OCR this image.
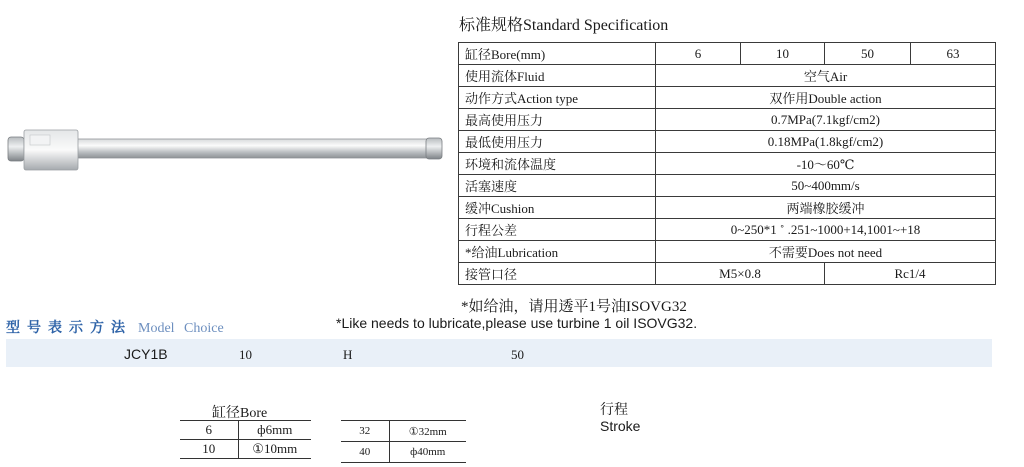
标准规格Standard Specification
缸径Bore(mm)	6	10	50	63
使用流体Fluid	空气Air			
动作方式Action type	双作用Double action			
最高使用压力	0.7MPa(7.1kgf/cm2)			
最低使用压力	0.18MPa(1.8kgf/cm2)			
环境和流体温度	-10～60℃			
活塞速度	50~400mm/s			
缓冲Cushion	两端橡胶缓冲			
行程公差	0~250*1 ˚ .251~1000+14,1001~+18			
*给油Lubrication	不需要Does not need			
接管口径	M5×0.8		Rc1/4	
*如给油，请用透平1号油ISOVG32
*Like needs to lubricate,please use turbine 1 oil ISOVG32.
型号表示方法 Model Choice
JCY1B	10	H	50
缸径Bore
6	ф6mm
10	①10mm
32	①32mm
40	ф40mm
行程
Stroke
